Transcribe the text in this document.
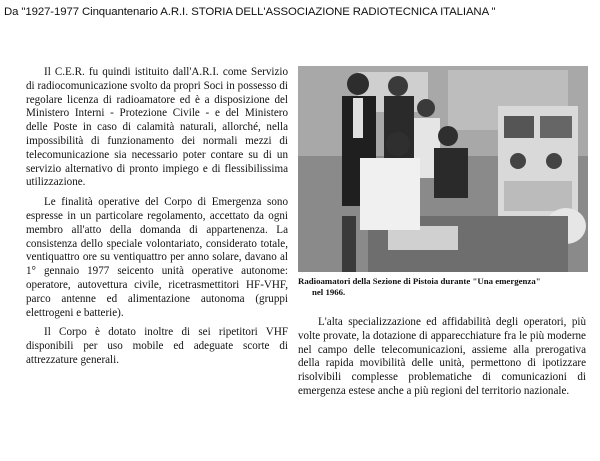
Da "1927-1977 Cinquantenario A.R.I. STORIA DELL'ASSOCIAZIONE RADIOTECNICA ITALIANA "

Il C.E.R. fu quindi istituito dall'A.R.I. come Servizio di radiocomunicazione svolto da propri Soci in possesso di regolare licenza di radioamatore ed è a disposizione del Ministero Interni - Protezione Civile - e del Ministero delle Poste in caso di calamità naturali, allorché, nella impossibilità di funzionamento dei normali mezzi di telecomunicazione sia necessario poter contare su di un servizio alternativo di pronto impiego e di flessibilissima utilizzazione.

Le finalità operative del Corpo di Emergenza sono espresse in un particolare regolamento, accettato da ogni membro all'atto della domanda di appartenenza. La consistenza dello speciale volontariato, considerato totale, ventiquattro ore su ventiquattro per anno solare, davano al 1° gennaio 1977 seicento unità operative autonome: operatore, autovettura civile, ricetrasmettitori HF-VHF, parco antenne ed alimentazione autonoma (gruppi elettrogeni e batterie).

Il Corpo è dotato inoltre di sei ripetitori VHF disponibili per uso mobile ed adeguate scorte di attrezzature generali.

Radioamatori della Sezione di Pistoia durante "Una emergenza"
nel 1966.

L'alta specializzazione ed affidabilità degli operatori, più volte provate, la dotazione di apparecchiature fra le più moderne nel campo delle telecomunicazioni, assieme alla prerogativa della rapida movibilità delle unità, permettono di ipotizzare risolvibili complesse problematiche di comunicazioni di emergenza estese anche a più regioni del territorio nazionale.
